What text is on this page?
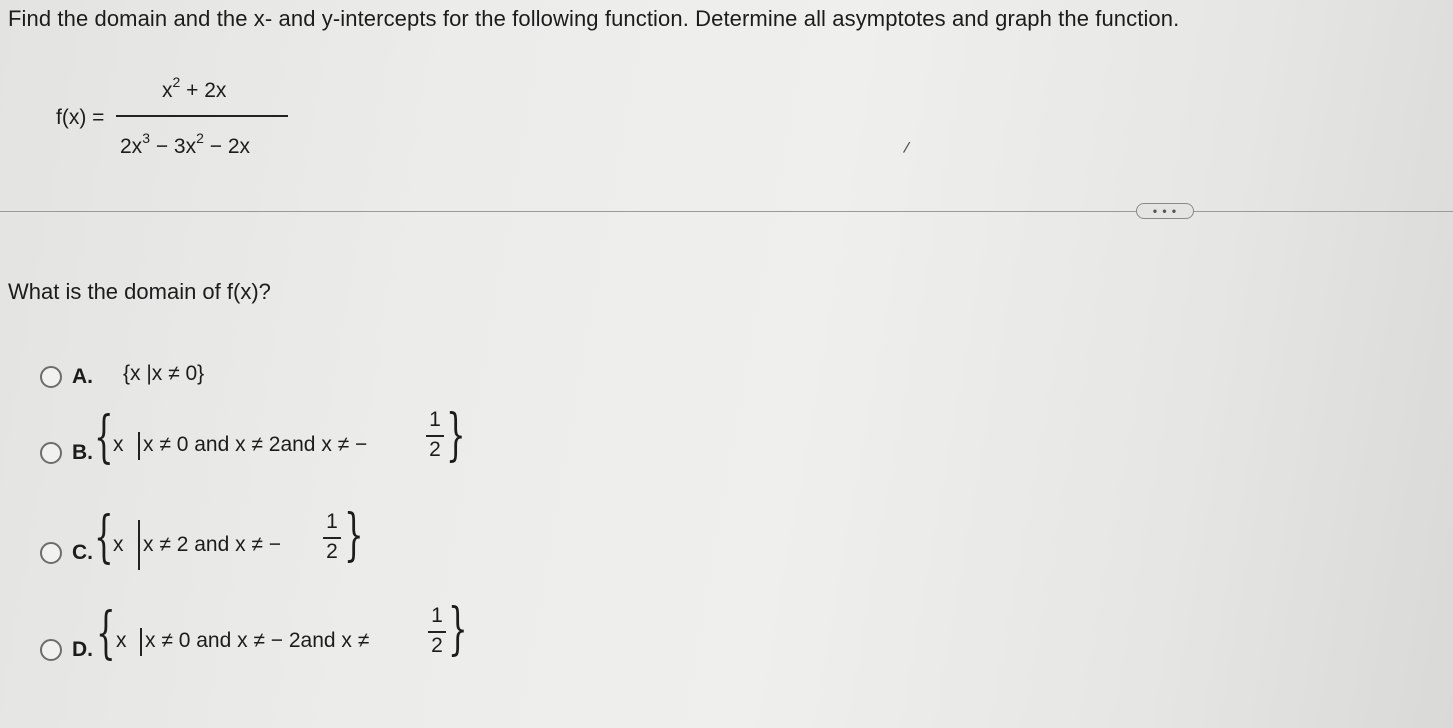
Find the domain and the x- and y-intercepts for the following function. Determine all asymptotes and graph the function.
f(x) =
$x^2 + 2x$
$2x^3 - 3x^2 - 2x$	/
• • •
What is the domain of f(x)?
A. {x |x ≠ 0}
B. { x x ≠ 0 and x ≠ 2and x ≠ −
1
2 }
C. { x x ≠ 2 and x ≠ −
1
2 }
D. { x x ≠ 0 and x ≠ − 2and x ≠
1
2 }
